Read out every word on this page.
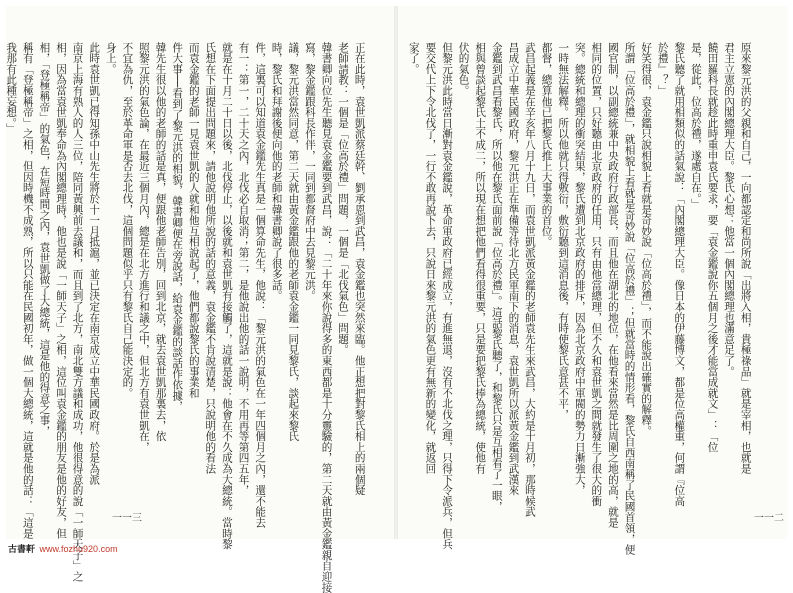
正在此時，袁世凱派蔡廷幹、劉承恩到武昌，袁金鑑也突然來臨。他正想把對黎氏相上的兩個疑
老師請教：一個是「位高於禮」問題，一個是「北伐氣色」問題。
韓書卿向位先生聽見袁金鑑要到武昌，說：「二十年來你說得多的東西都是十分靈驗的，第二天就由黃金鑑親自迎接
寫，黎金鑑跟科長作伴，一同到都督府中去見黎元洪。
議，黎元洪當然同意，第二天就由黃金鑑跟他的老師袁金鑑一同見黎氏，談起來黎氏
時，黎氏和拜謝後便向他的老師和韓書卿說了很多話。
件，這裏可以知道袁金鑑先生真是一個算命先生，他說：「黎元洪的氣色在一年四個月之內，還不能去
有一：第一，二十天之內，北伐必自取消；第二，是他說出他的話一說明，不用再等第四五年，
就是在十月二十日以後，北伐停止，以後就和袁世凱有接觸了，這就是說：他會在不久成為大總統。當時黎
氏想在下面提出問題來，請他說明他所說的話的意義，袁金鑑不肯說清楚，只說明他的看法
而袁金鑑的老師一見袁世凱的人就和他互相說起了，他們都說黎氏的事業和
件大事──看到了黎元洪的相貌，韓書卿便在旁說話，給袁金鑑的談話作依據，
韓先生很以他的老師的話是真，便跟他老師告別，回到北京，就去袁世凱那裏去，依
照黎元洪的氣色論，在最近三個月內，總是在北方進行和議之中，但北方有袁世凱在，
不宜為仇，至於革命軍是否去北伐，這個問題似乎只有黎氏自己能決定的。
身上。
此時袁世凱已得知孫中山先生將於十一月抵滬，並已決定在南京成立中華民國政府。於是為派
南京上海有熟人的人三位，陪同黃興前去議和，而且到了北方，南北雙方議和成功，他很得意的說「一師天子」之
相，因為當袁世凱奉命為內閣總理時，他也是說「一師天子」之相，這位叫袁金鑑的朋友是他的好友，但
相，「登極稱帝」的氣色，在短時間之內，袁世凱做了大總統，這是他的得意之事，
稱有「登極稱帝」之相，但因時機不成熟，所以只能在民國初年，做一個大總統，這就是他的話：「這是
我那有此種妄想。」
一一三
原來黎元洪的父親和自己，一向都認定和尚所說「出將入相，貴極祿品」就是宰相，也就是
君主立憲的內閣總理大臣。黎氏心想：他當一個內閣總理也滿意足了。
饒田羅科長就趁此時重申袁氏要求，要「袁金鑑說你五個月之後才能當成就文」：「位
是，從此，位高於禮，遂處自在。」
黎氏聽了就用相類似的話氣說：「內閣總理大臣。像日本的伊藤博文，都是位高權重，何謂『位高
於禮』？」
好笑得很，袁金鑑只說相貌上看就是奇妙說「位高於禮」，而不能說出確實的解釋。
所謂「位高於禮」，就相貌上看就是奇妙說「位高於禮」；但就當時的情形看，黎氏自西南稱了民國首領，便
國官制，以副總統兼中央政府行政部長，而且他在湖北的地位，在他看來當然是比周圍之地的高，就是
相同的位置，只好聽由北京政府的任用，只有由他當總理，但不久和袁世凱之間就發生了很大的衝
突。總統和總理的衝突結果，黎氏遭到北京政府的排斥，因為北京政府中軍閥的勢力日漸強大，
一時無法解釋。所以他就只得敷衍，敷衍聽到這消息後，有時使黎氏意甚不平，
都督，總算他已把黎氏推上大事業的首位。
武昌起義是在辛亥年八月十九日，而袁世凱派黃金鑑的老師袁先生來武昌，大約是十月初，那時候武
昌成立中華民國政府，黎元洪正在準備等待北方民軍南下的消息，袁世凱所以派黃金鑑到武漢來
金鑑到武昌看黎氏，所以他在黎氏面前說「位高於禮」。這話黎氏聽了，和黎氏只是互相看了一眼，
相與曾談起黎氏土不成二，所以現在想把他們看得很重要，只是要把黎氏捧為總統，使他有
伏的氣色。
但黎元洪此時當日漸對袁金鑑說，革命軍政府已經成立，有進無退，沒有不北伐之理，只得下令派兵，但兵
要交代上下令北伐了，一行不敢再說下去，只說日來黎元洪的氣色更有無新的變化，就返回
家了。
一一二
古書軒 www.fozhu920.com
